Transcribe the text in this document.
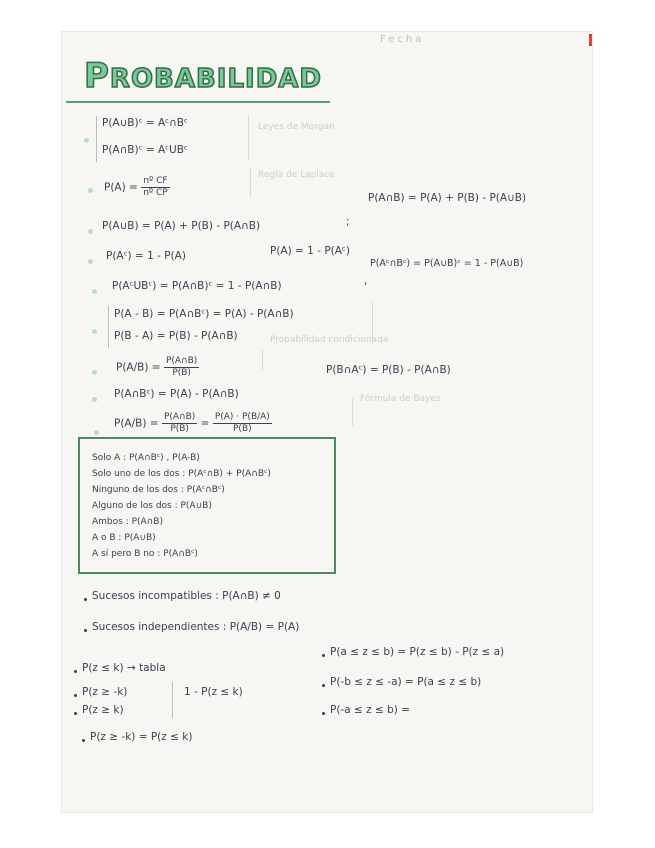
Fecha
PROBABILIDAD
P(A∪B)ᶜ = Aᶜ∩Bᶜ
P(A∩B)ᶜ = AᶜUBᶜ
Leyes de Morgan
$P(A) = \frac{\text{nº CF}}{\text{nº CP}}$
Regla de Laplace
P(A∪B) = P(A) + P(B) - P(A∩B)	;
P(A∩B) = P(A) + P(B) - P(A∪B)
P(Aᶜ) = 1 - P(A)	P(A) = 1 - P(Aᶜ)
P(AᶜUBᶜ) = P(A∩B)ᶜ = 1 - P(A∩B)	,
P(Aᶜ∩Bᶜ) = P(A∪B)ᶜ = 1 - P(A∪B)
P(A - B) = P(A∩Bᶜ) = P(A) - P(A∩B)
P(B - A) = P(B) - P(A∩B)
$P(A/B) = \frac{P(A\cap B)}{P(B)}$
Probabilidad condicionada
P(A∩Bᶜ) = P(A) - P(A∩B)
P(B∩Aᶜ) = P(B) - P(A∩B)
$P(A/B) = \frac{P(A\cap B)}{P(B)} = \frac{P(A) \cdot P(B/A)}{P(B)}$
Fórmula de Bayes
Solo A : P(A∩Bᶜ) , P(A-B)
Solo uno de los dos : P(Aᶜ∩B) + P(A∩Bᶜ)
Ninguno de los dos : P(Aᶜ∩Bᶜ)
Alguno de los dos : P(A∪B)
Ambos : P(A∩B)
A o B : P(A∪B)
A sí pero B no : P(A∩Bᶜ)
Sucesos incompatibles : P(A∩B) ≠ 0
Sucesos independientes : P(A/B) = P(A)
P(z ≤ k) → tabla
P(z ≥ -k)
P(z ≥ k)
1 - P(z ≤ k)
P(z ≥ -k) = P(z ≤ k)
P(a ≤ z ≤ b) = P(z ≤ b) - P(z ≤ a)
P(-b ≤ z ≤ -a) = P(a ≤ z ≤ b)
P(-a ≤ z ≤ b) =
